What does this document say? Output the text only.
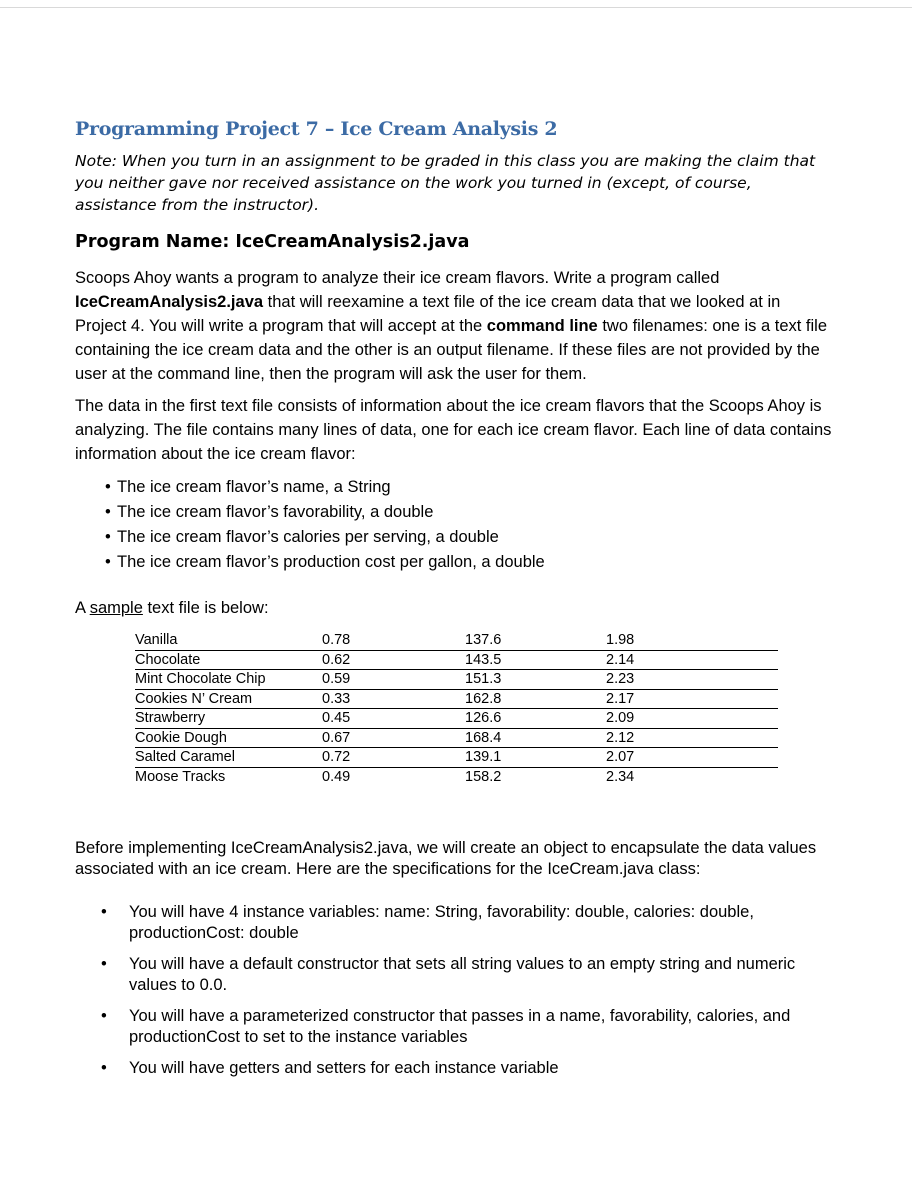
Programming Project 7 – Ice Cream Analysis 2
Note: When you turn in an assignment to be graded in this class you are making the claim that you neither gave nor received assistance on the work you turned in (except, of course, assistance from the instructor).
Program Name: IceCreamAnalysis2.java

Scoops Ahoy wants a program to analyze their ice cream flavors. Write a program called IceCreamAnalysis2.java that will reexamine a text file of the ice cream data that we looked at in Project 4. You will write a program that will accept at the command line two filenames: one is a text file containing the ice cream data and the other is an output filename. If these files are not provided by the user at the command line, then the program will ask the user for them.

The data in the first text file consists of information about the ice cream flavors that the Scoops Ahoy is analyzing. The file contains many lines of data, one for each ice cream flavor. Each line of data contains information about the ice cream flavor:

• The ice cream flavor’s name, a String
• The ice cream flavor’s favorability, a double
• The ice cream flavor’s calories per serving, a double
• The ice cream flavor’s production cost per gallon, a double
A sample text file is below:
Vanilla	0.78	137.6	1.98
Chocolate	0.62	143.5	2.14
Mint Chocolate Chip	0.59	151.3	2.23
Cookies N’ Cream	0.33	162.8	2.17
Strawberry	0.45	126.6	2.09
Cookie Dough	0.67	168.4	2.12
Salted Caramel	0.72	139.1	2.07
Moose Tracks	0.49	158.2	2.34

Before implementing IceCreamAnalysis2.java, we will create an object to encapsulate the data values associated with an ice cream. Here are the specifications for the IceCream.java class:

• You will have 4 instance variables: name: String, favorability: double, calories: double, productionCost: double
• You will have a default constructor that sets all string values to an empty string and numeric values to 0.0.
• You will have a parameterized constructor that passes in a name, favorability, calories, and productionCost to set to the instance variables
• You will have getters and setters for each instance variable
